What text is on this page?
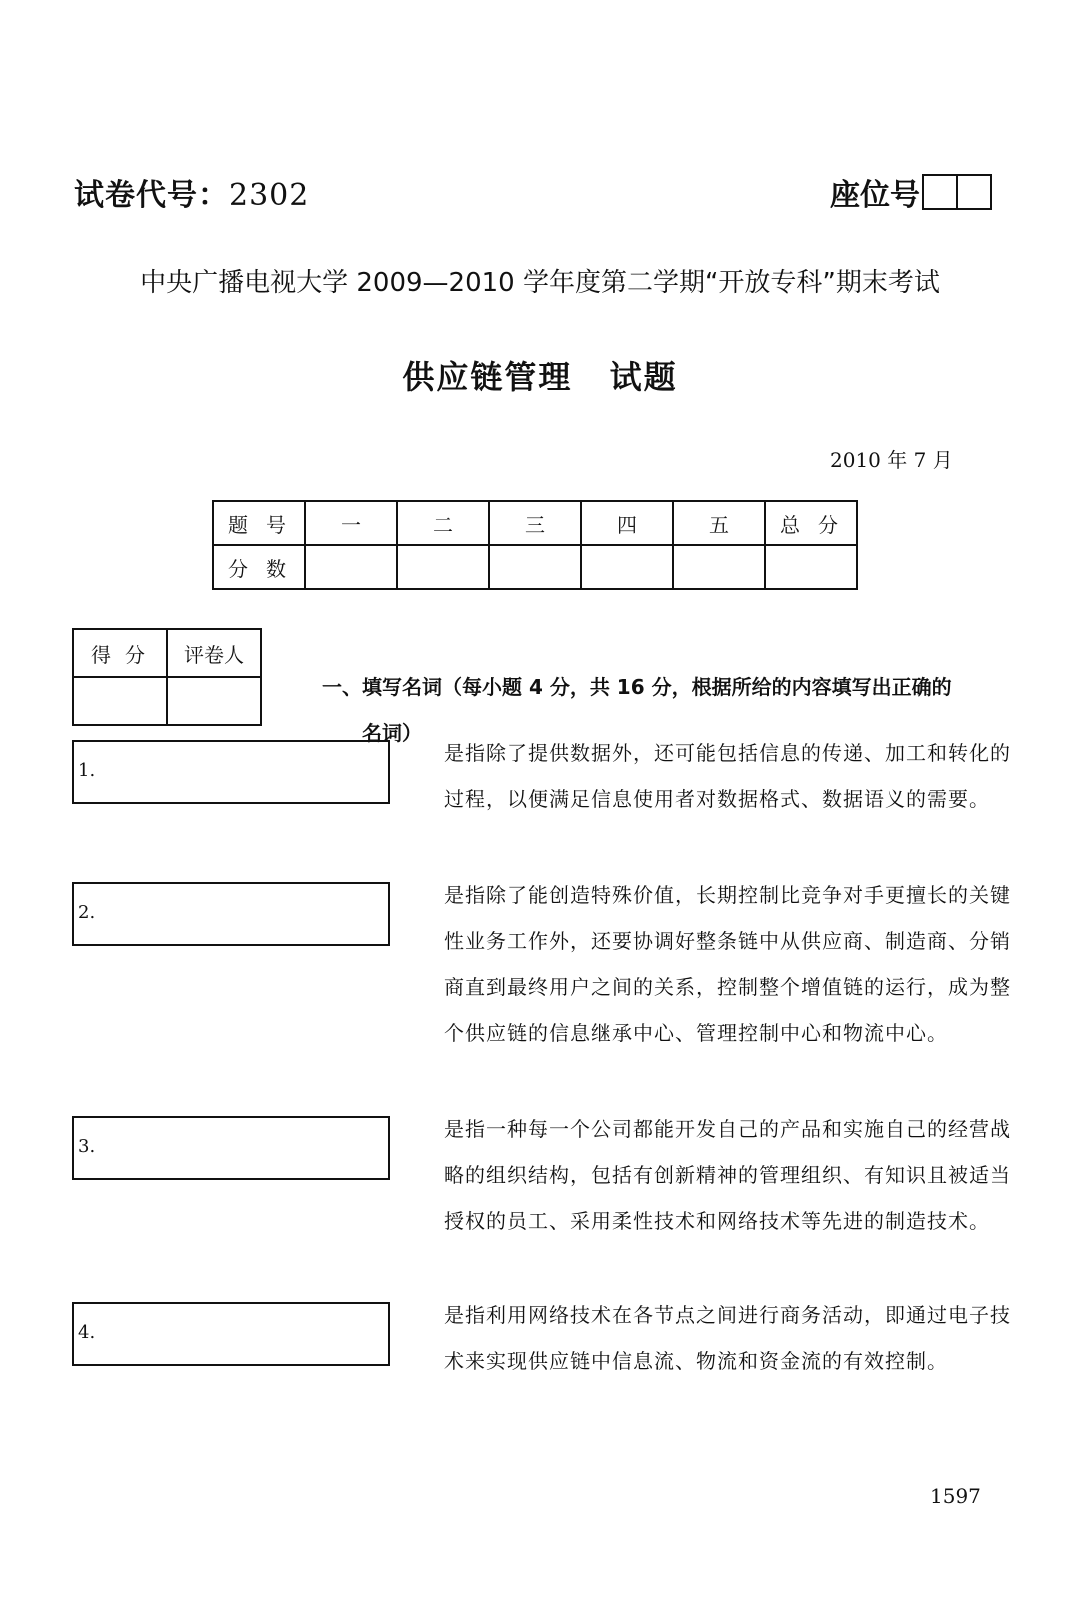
试卷代号：2302	座位号
中央广播电视大学 2009—2010 学年度第二学期“开放专科”期末考试
供应链管理 试题
2010 年 7 月
题号	一	二	三	四	五	总分
分数						
得分	评卷人

一、填写名词（每小题 4 分，共 16 分，根据所给的内容填写出正确的
名词）
1.
是指除了提供数据外，还可能包括信息的传递、加工和转化的过程，以便满足信息使用者对数据格式、数据语义的需要。
2.
是指除了能创造特殊价值，长期控制比竞争对手更擅长的关键性业务工作外，还要协调好整条链中从供应商、制造商、分销商直到最终用户之间的关系，控制整个增值链的运行，成为整个供应链的信息继承中心、管理控制中心和物流中心。
3.
是指一种每一个公司都能开发自己的产品和实施自己的经营战略的组织结构，包括有创新精神的管理组织、有知识且被适当授权的员工、采用柔性技术和网络技术等先进的制造技术。
4.
是指利用网络技术在各节点之间进行商务活动，即通过电子技术来实现供应链中信息流、物流和资金流的有效控制。
1597
